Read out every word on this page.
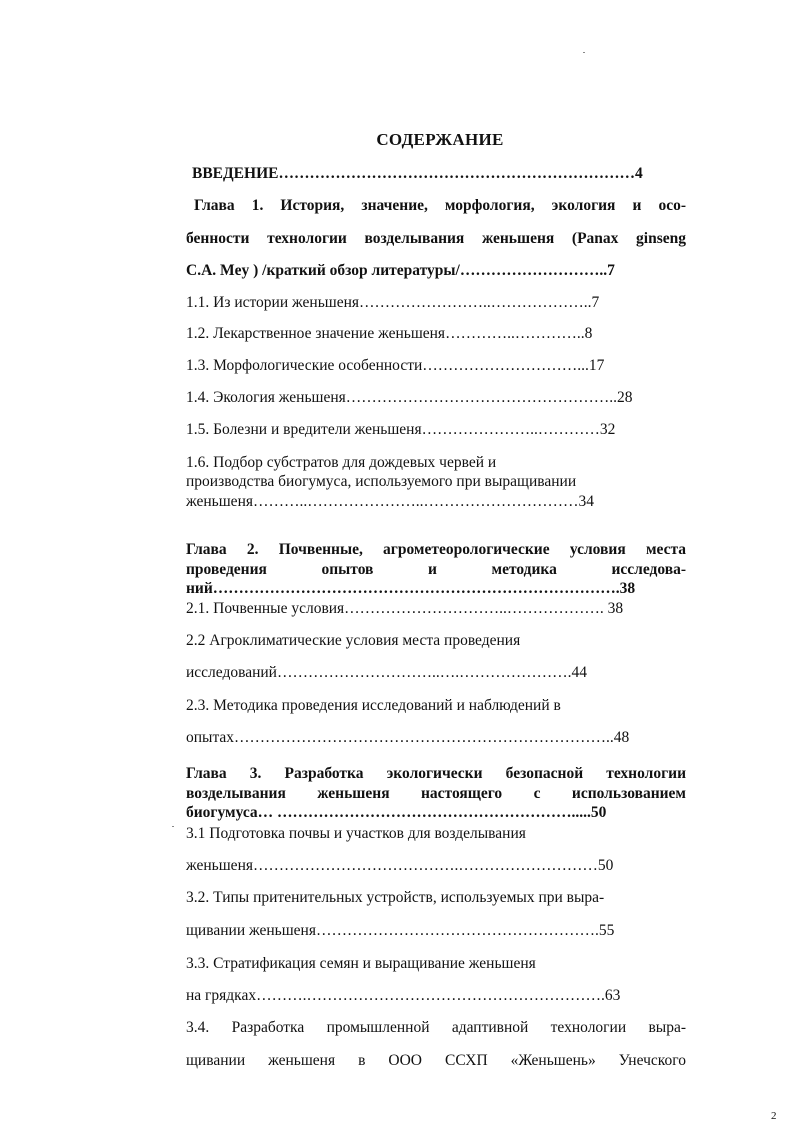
СОДЕРЖАНИЕ
ВВЕДЕНИЕ……………………………………………………………4
Глава 1. История, значение, морфология, экология и осо-
бенности технологии возделывания женьшеня (Panax ginseng
С.А. Mey ) /краткий обзор литературы/………………………..7
1.1. Из истории женьшеня……………………..………………..7
1.2. Лекарственное значение женьшеня…………..…………..8
1.3. Морфологические особенности…………………………...17
1.4. Экология женьшеня……………………………………………..28
1.5. Болезни и вредители женьшеня…………………..…………32
1.6. Подбор субстратов для дождевых червей и
производства биогумуса, используемого при выращивании
женьшеня………..…………………..…………………………34
Глава 2. Почвенные, агрометеорологические условия места
проведения опытов и методика исследова-
ний…………………………………………………………………….38
2.1. Почвенные условия…………………………..………………. 38
2.2 Агроклиматические условия места проведения
исследований…………………………..….………………….44
2.3. Методика проведения исследований и наблюдений в
опытах………………………………………………………………..48
Глава 3. Разработка экологически безопасной технологии
возделывания женьшеня настоящего с использованием
биогумуса… ………………………………………………….....50
3.1 Подготовка почвы и участков для возделывания
женьшеня………………………………….………………………50
3.2. Типы притенительных устройств, используемых при выра-
щивании женьшеня……………………………………………….55
3.3. Стратификация семян и выращивание женьшеня
на грядках……….………………………………………………….63
3.4. Разработка промышленной адаптивной технологии выра-
щивании женьшеня в ООО ССХП «Женьшень» Унечского
2
